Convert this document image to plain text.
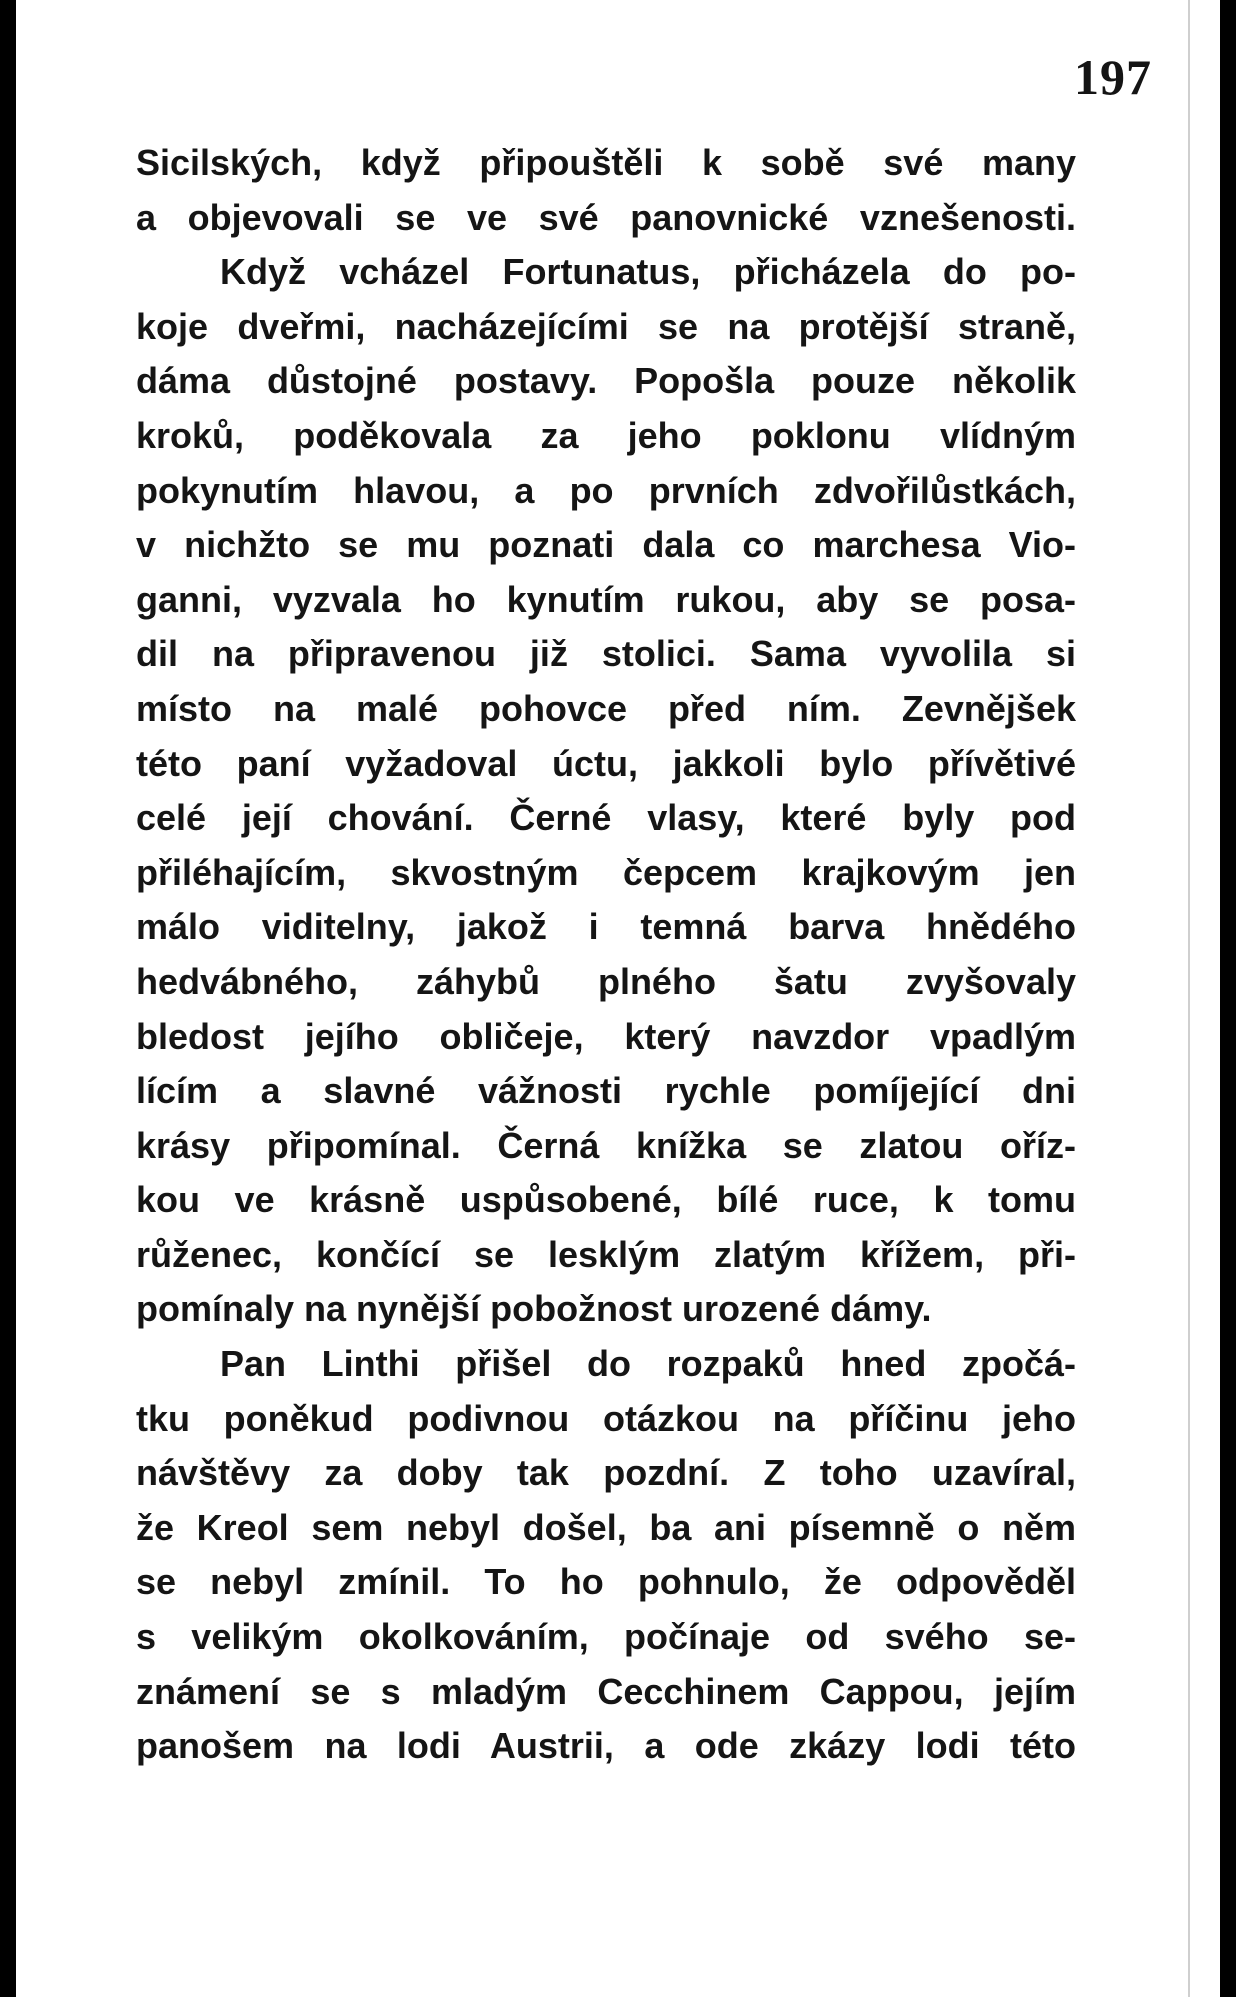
197
Sicilských, když připouštěli k sobě své many
a objevovali se ve své panovnické vznešenosti.
Když vcházel Fortunatus, přicházela do po-
koje dveřmi, nacházejícími se na protější straně,
dáma důstojné postavy. Popošla pouze několik
kroků, poděkovala za jeho poklonu vlídným
pokynutím hlavou, a po prvních zdvořilůstkách,
v nichžto se mu poznati dala co marchesa Vio-
ganni, vyzvala ho kynutím rukou, aby se posa-
dil na připravenou již stolici. Sama vyvolila si
místo na malé pohovce před ním. Zevnějšek
této paní vyžadoval úctu, jakkoli bylo přívětivé
celé její chování. Černé vlasy, které byly pod
přiléhajícím, skvostným čepcem krajkovým jen
málo viditelny, jakož i temná barva hnědého
hedvábného, záhybů plného šatu zvyšovaly
bledost jejího obličeje, který navzdor vpadlým
lícím a slavné vážnosti rychle pomíjející dni
krásy připomínal. Černá knížka se zlatou oříz-
kou ve krásně uspůsobené, bílé ruce, k tomu
růženec, končící se lesklým zlatým křížem, při-
pomínaly na nynější pobožnost urozené dámy.
Pan Linthi přišel do rozpaků hned zpočá-
tku poněkud podivnou otázkou na příčinu jeho
návštěvy za doby tak pozdní. Z toho uzavíral,
že Kreol sem nebyl došel, ba ani písemně o něm
se nebyl zmínil. To ho pohnulo, že odpověděl
s velikým okolkováním, počínaje od svého se-
známení se s mladým Cecchinem Cappou, jejím
panošem na lodi Austrii, a ode zkázy lodi této
